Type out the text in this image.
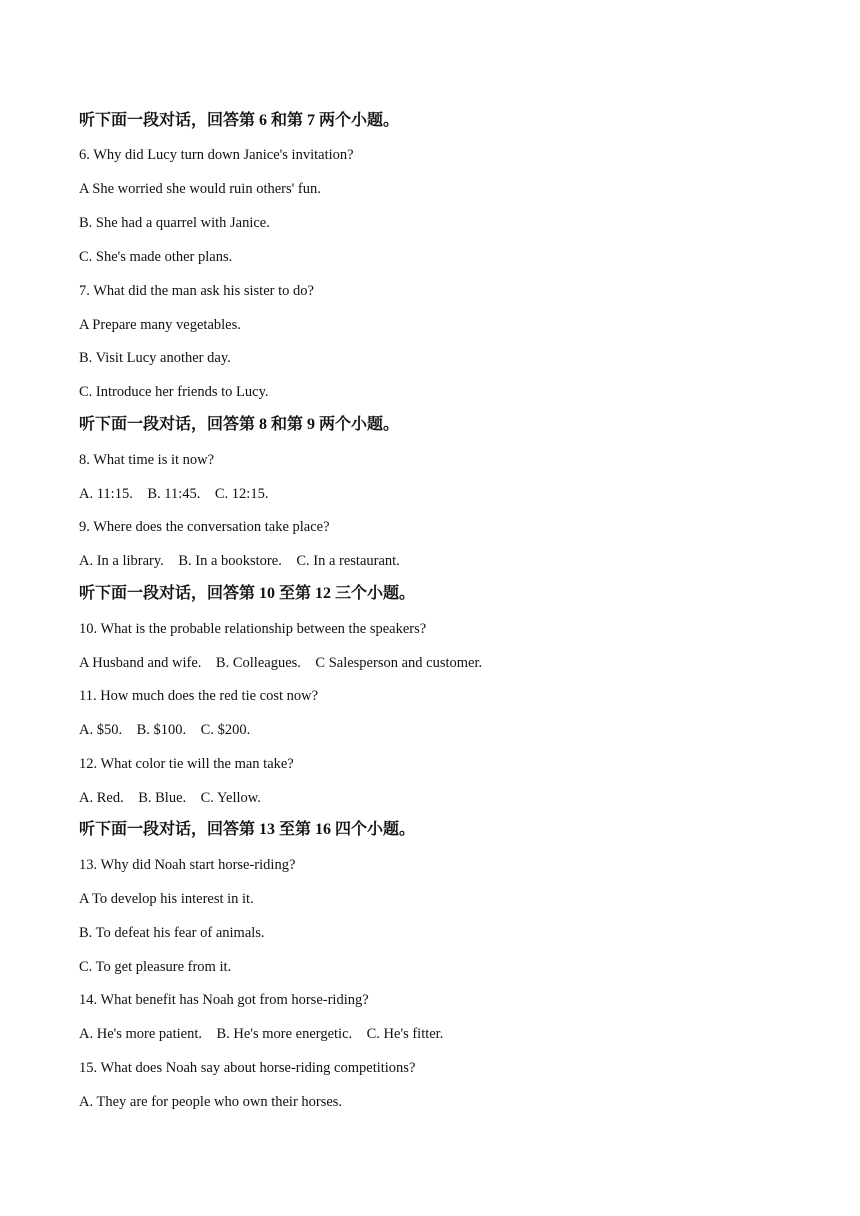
听下面一段对话，回答第 6 和第 7 两个小题。
6. Why did Lucy turn down Janice's invitation?
A She worried she would ruin others' fun.
B. She had a quarrel with Janice.
C. She's made other plans.
7. What did the man ask his sister to do?
A Prepare many vegetables.
B. Visit Lucy another day.
C. Introduce her friends to Lucy.
听下面一段对话，回答第 8 和第 9 两个小题。
8. What time is it now?
A. 11:15.    B. 11:45.    C. 12:15.
9. Where does the conversation take place?
A. In a library.    B. In a bookstore.    C. In a restaurant.
听下面一段对话，回答第 10 至第 12 三个小题。
10. What is the probable relationship between the speakers?
A Husband and wife.    B. Colleagues.    C Salesperson and customer.
11. How much does the red tie cost now?
A. $50.    B. $100.    C. $200.
12. What color tie will the man take?
A. Red.    B. Blue.    C. Yellow.
听下面一段对话，回答第 13 至第 16 四个小题。
13. Why did Noah start horse-riding?
A To develop his interest in it.
B. To defeat his fear of animals.
C. To get pleasure from it.
14. What benefit has Noah got from horse-riding?
A. He's more patient.    B. He's more energetic.    C. He's fitter.
15. What does Noah say about horse-riding competitions?
A. They are for people who own their horses.
